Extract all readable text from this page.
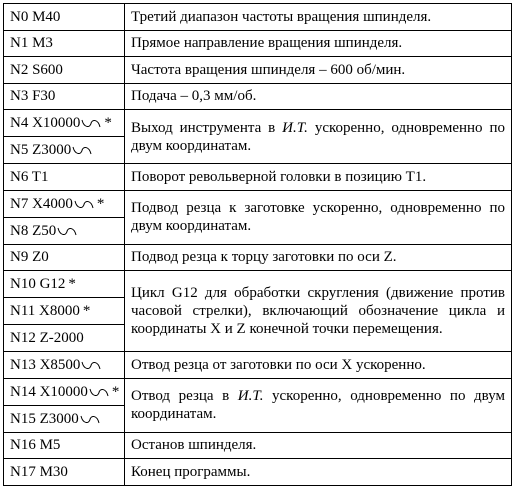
N0 M40	Третий диапазон частоты вращения шпинделя.
N1 M3	Прямое направление вращения шпинделя.
N2 S600	Частота вращения шпинделя – 600 об/мин.
N3 F30	Подача – 0,3 мм/об.
N4 X10000 *	Выход инструмента в И.Т. ускоренно, одновременно по двум координатам.
N5 Z3000	
N6 T1	Поворот револьверной головки в позицию Т1.
N7 X4000 *	Подвод резца к заготовке ускоренно, одновременно по двум координатам.
N8 Z50	
N9 Z0	Подвод резца к торцу заготовки по оси Z.
N10 G12 *	Цикл G12 для обработки скругления (движение против часовой стрелки), включающий обозначение цикла и координаты X и Z конечной точки перемещения.
N11 X8000 *	
N12 Z-2000	
N13 X8500	Отвод резца от заготовки по оси X ускоренно.
N14 X10000 *	Отвод резца в И.Т. ускоренно, одновременно по двум координатам.
N15 Z3000	
N16 M5	Останов шпинделя.
N17 M30	Конец программы.
